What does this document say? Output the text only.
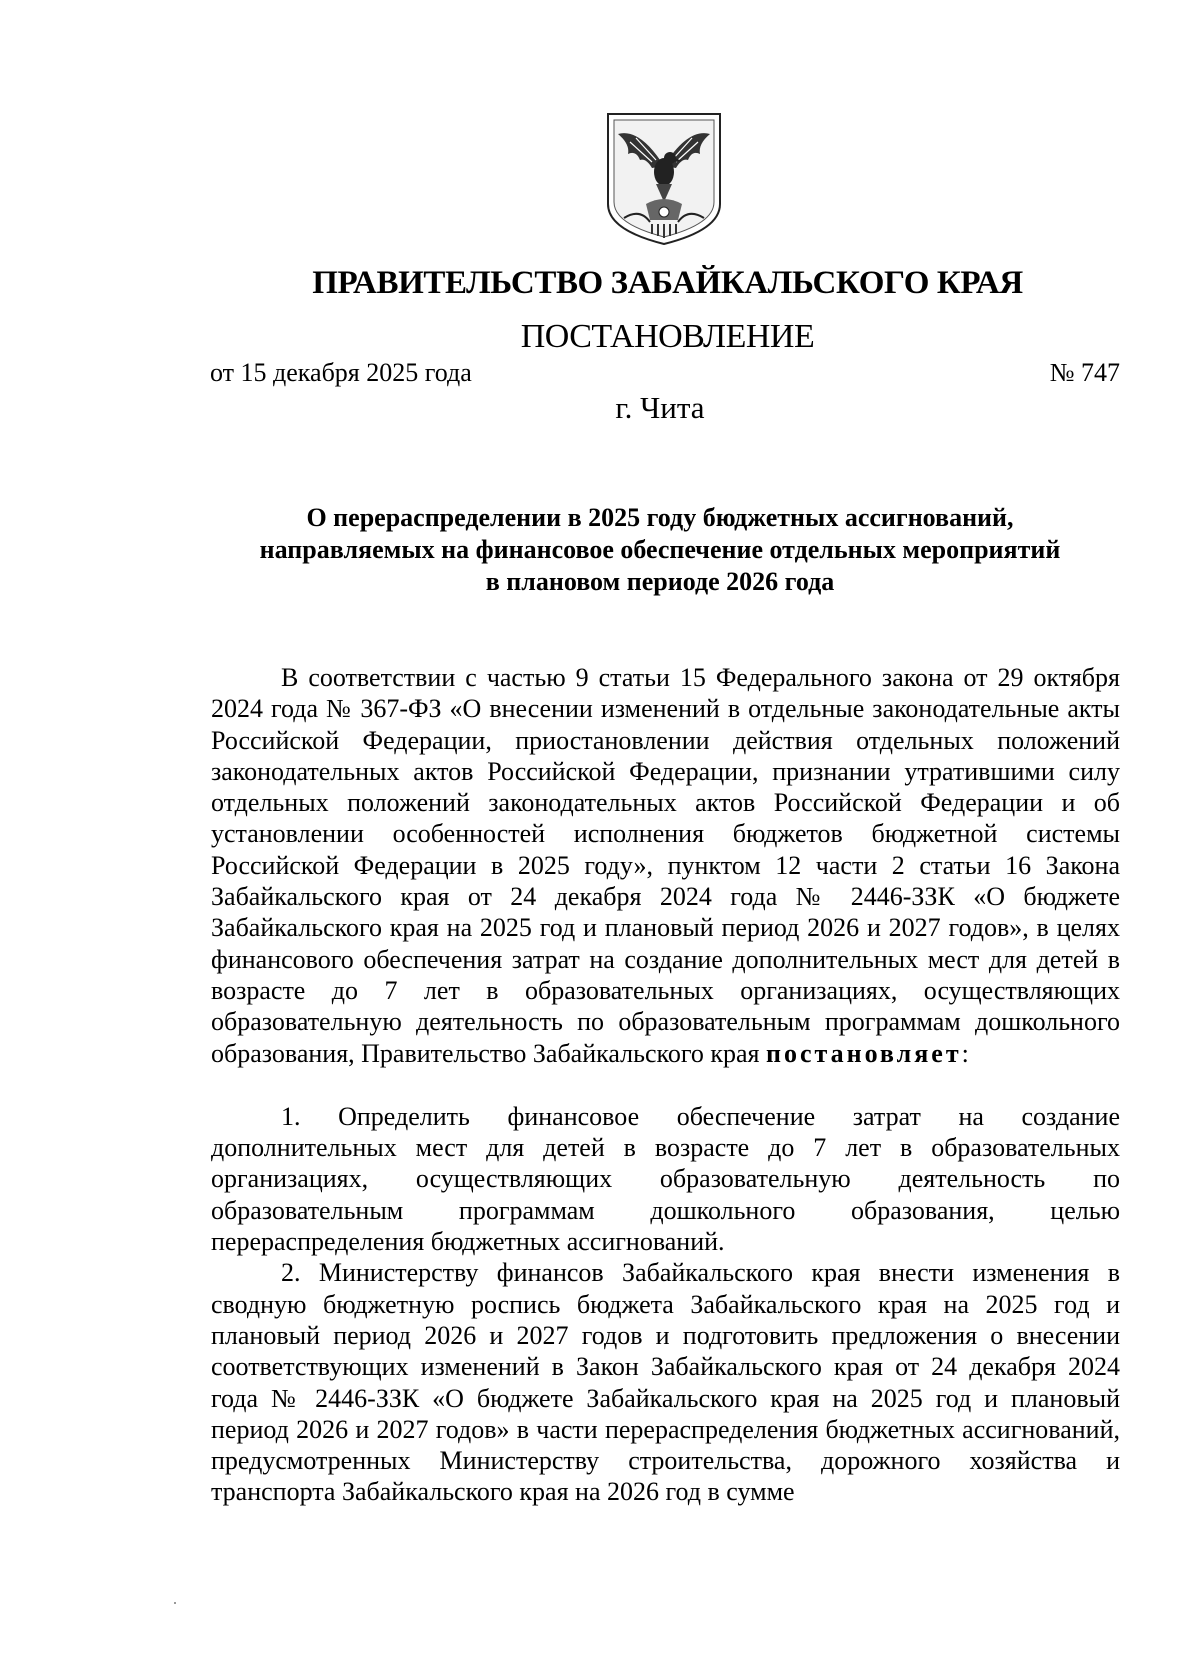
ПРАВИТЕЛЬСТВО ЗАБАЙКАЛЬСКОГО КРАЯ
ПОСТАНОВЛЕНИЕ
от 15 декабря 2025 года	№ 747
г. Чита
О перераспределении в 2025 году бюджетных ассигнований,
направляемых на финансовое обеспечение отдельных мероприятий
в плановом периоде 2026 года

В соответствии с частью 9 статьи 15 Федерального закона от 29 октября 2024 года № 367-ФЗ «О внесении изменений в отдельные законодательные акты Российской Федерации, приостановлении действия отдельных положений законодательных актов Российской Федерации, признании утратившими силу отдельных положений законодательных актов Российской Федерации и об установлении особенностей исполнения бюджетов бюджетной системы Российской Федерации в 2025 году», пунктом 12 части 2 статьи 16 Закона Забайкальского края от 24 декабря 2024 года № 2446-ЗЗК «О бюджете Забайкальского края на 2025 год и плановый период 2026 и 2027 годов», в целях финансового обеспечения затрат на создание дополнительных мест для детей в возрасте до 7 лет в образовательных организациях, осуществляющих образовательную деятельность по образовательным программам дошкольного образования, Правительство Забайкальского края постановляет:

1. Определить финансовое обеспечение затрат на создание дополнительных мест для детей в возрасте до 7 лет в образовательных организациях, осуществляющих образовательную деятельность по образовательным программам дошкольного образования, целью перераспределения бюджетных ассигнований.

2. Министерству финансов Забайкальского края внести изменения в сводную бюджетную роспись бюджета Забайкальского края на 2025 год и плановый период 2026 и 2027 годов и подготовить предложения о внесении соответствующих изменений в Закон Забайкальского края от 24 декабря 2024 года № 2446-ЗЗК «О бюджете Забайкальского края на 2025 год и плановый период 2026 и 2027 годов» в части перераспределения бюджетных ассигнований, предусмотренных Министерству строительства, дорожного хозяйства и транспорта Забайкальского края на 2026 год в сумме
